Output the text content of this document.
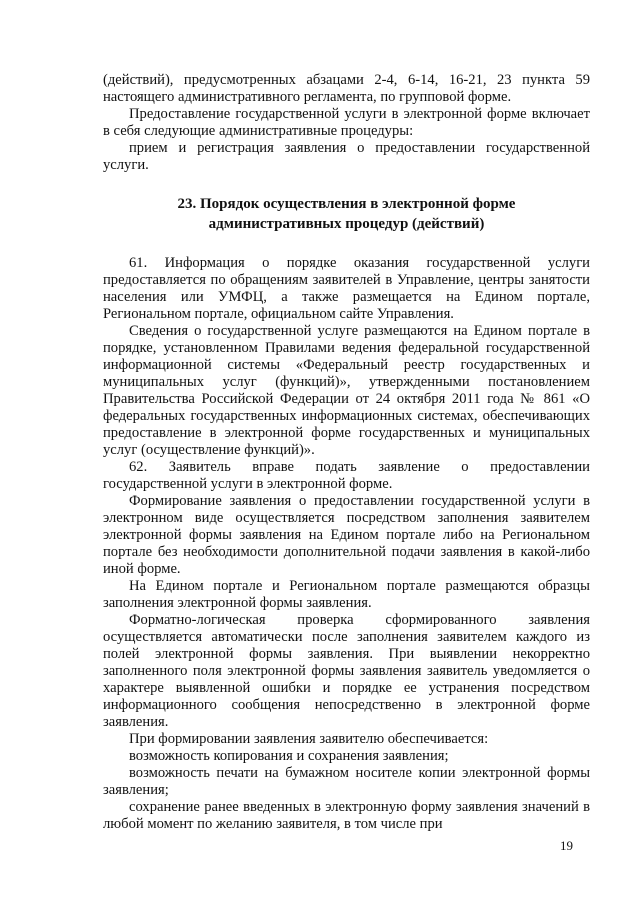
(действий), предусмотренных абзацами 2-4, 6-14, 16-21, 23 пункта 59 настоящего административного регламента, по групповой форме.

Предоставление государственной услуги в электронной форме включает в себя следующие административные процедуры:

прием и регистрация заявления о предоставлении государственной услуги.

23. Порядок осуществления в электронной форме
административных процедур (действий)

61. Информация о порядке оказания государственной услуги предоставляется по обращениям заявителей в Управление, центры занятости населения или УМФЦ, а также размещается на Едином портале, Региональном портале, официальном сайте Управления.

Сведения о государственной услуге размещаются на Едином портале в порядке, установленном Правилами ведения федеральной государственной информационной системы «Федеральный реестр государственных и муниципальных услуг (функций)», утвержденными постановлением Правительства Российской Федерации от 24 октября 2011 года № 861 «О федеральных государственных информационных системах, обеспечивающих предоставление в электронной форме государственных и муниципальных услуг (осуществление функций)».

62. Заявитель вправе подать заявление о предоставлении государственной услуги в электронной форме.

Формирование заявления о предоставлении государственной услуги в электронном виде осуществляется посредством заполнения заявителем электронной формы заявления на Едином портале либо на Региональном портале без необходимости дополнительной подачи заявления в какой-либо иной форме.

На Едином портале и Региональном портале размещаются образцы заполнения электронной формы заявления.

Форматно-логическая проверка сформированного заявления осуществляется автоматически после заполнения заявителем каждого из полей электронной формы заявления. При выявлении некорректно заполненного поля электронной формы заявления заявитель уведомляется о характере выявленной ошибки и порядке ее устранения посредством информационного сообщения непосредственно в электронной форме заявления.

При формировании заявления заявителю обеспечивается:

возможность копирования и сохранения заявления;

возможность печати на бумажном носителе копии электронной формы заявления;

сохранение ранее введенных в электронную форму заявления значений в любой момент по желанию заявителя, в том числе при

19
